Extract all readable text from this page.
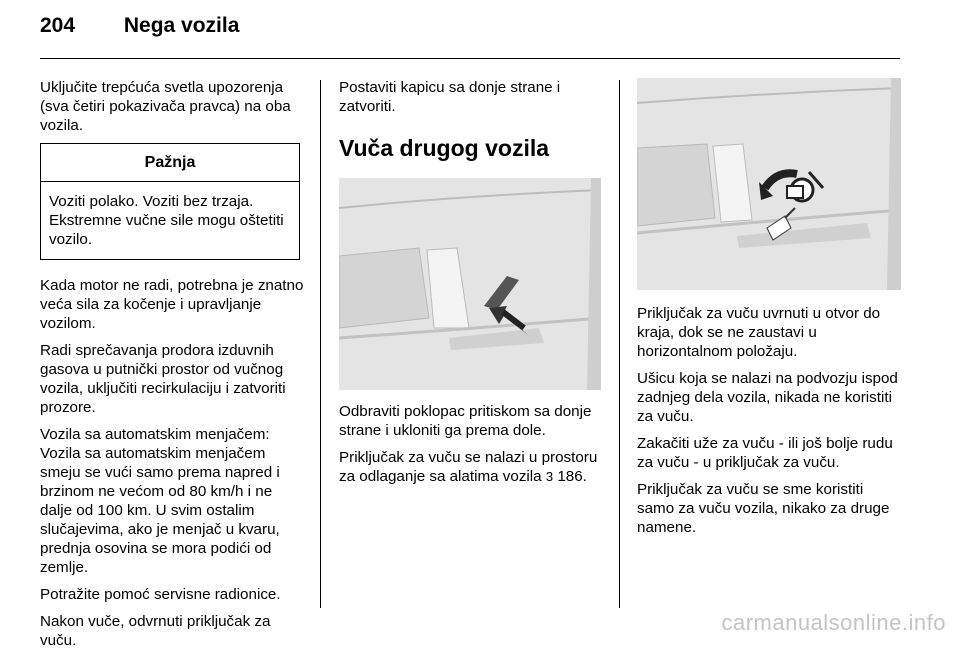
204 Nega vozila

Uključite trepćuća svetla upozorenja (sva četiri pokazivača pravca) na oba vozila.

Pažnja
Voziti polako. Voziti bez trzaja. Ekstremne vučne sile mogu oštetiti vozilo.

Kada motor ne radi, potrebna je znatno veća sila za kočenje i upravljanje vozilom.

Radi sprečavanja prodora izduvnih gasova u putnički prostor od vučnog vozila, uključiti recirkulaciju i zatvoriti prozore.

Vozila sa automatskim menjačem: Vozila sa automatskim menjačem smeju se vući samo prema napred i brzinom ne većom od 80 km/h i ne dalje od 100 km. U svim ostalim slučajevima, ako je menjač u kvaru, prednja osovina se mora podići od zemlje.

Potražite pomoć servisne radionice.

Nakon vuče, odvrnuti priključak za vuču.

Postaviti kapicu sa donje strane i zatvoriti.

Vuča drugog vozila

Odbraviti poklopac pritiskom sa donje strane i ukloniti ga prema dole.

Priključak za vuču se nalazi u prostoru za odlaganje sa alatima vozila 3 186.

Priključak za vuču uvrnuti u otvor do kraja, dok se ne zaustavi u horizontalnom položaju.

Ušicu koja se nalazi na podvozju ispod zadnjeg dela vozila, nikada ne koristiti za vuču.

Zakačiti uže za vuču - ili još bolje rudu za vuču - u priključak za vuču.

Priključak za vuču se sme koristiti samo za vuču vozila, nikako za druge namene.

carmanualsonline.info
